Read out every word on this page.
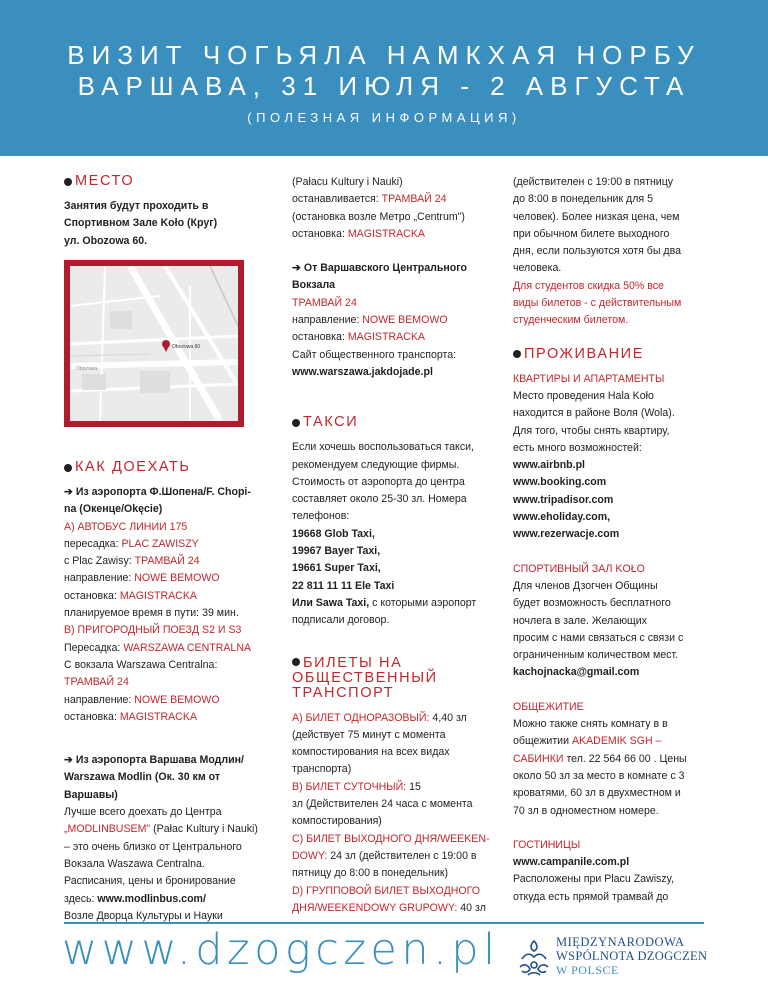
ВИЗИТ ЧОГЬЯЛА НАМКХАЯ НОРБУ
ВАРШАВА, 31 ИЮЛЯ - 2 АВГУСТА
(ПОЛЕЗНАЯ ИНФОРМАЦИЯ)
МЕСТО
Занятия будут проходить в
Спортивном Зале Koło (Круг)
ул. Obozowa 60.
Obozowa
Obozowa 60
КАК ДОЕХАТЬ
➔ Из аэропорта Ф.Шопена/F. Chopi-
na (Окенце/Okęcie)
А) АВТОБУС ЛИНИИ 175
пересадка: PLAC ZAWISZY
с Plac Zawisy: ТРАМВАЙ 24
направление: NOWE BEMOWO
остановка: MAGISTRACKA
планируемое время в пути: 39 мин.
B) ПРИГОРОДНЫЙ ПОЕЗД S2 И S3
Пересадка: WARSZAWA CENTRALNA
С вокзала Warszawa Centralna:
ТРАМВАЙ 24
направление: NOWE BEMOWO
остановка: MAGISTRACKA
➔ Из аэропорта Варшава Модлин/
Warszawa Modlin (Ок. 30 км от
Варшавы)
Лучше всего доехать до Центра
„MODLINBUSEM" (Pałac Kultury i Nauki)
– это очень близко от Центрального
Вокзала Waszawa Centralna.
Расписания, цены и бронирование
здесь: www.modlinbus.com/
Возле Дворца Культуры и Науки
(Pałacu Kultury i Nauki)
останавливается: ТРАМВАЙ 24
(остановка возле Метро „Centrum")
остановка: MAGISTRACKA
➔ От Варшавского Центрального
Вокзала
ТРАМВАЙ 24
направление: NOWE BEMOWO
остановка: MAGISTRACKA
Сайт общественного транспорта:
www.warszawa.jakdojade.pl
ТАКСИ
Если хочешь воспользоваться такси,
рекомендуем следующие фирмы.
Стоимость от аэропорта до центра
составляет около 25-30 зл. Номера
телефонов:
19668 Glob Taxi,
19967 Bayer Taxi,
19661 Super Taxi,
22 811 11 11 Ele Taxi
Или Sawa Taxi, с которыми аэропорт
подписали договор.
БИЛЕТЫ НА
ОБЩЕСТВЕННЫЙ
ТРАНСПОРТ
А) БИЛЕТ ОДНОРАЗОВЫЙ: 4,40 зл
(действует 75 минут с момента
компостирования на всех видах
транспорта)
B) БИЛЕТ СУТОЧНЫЙ: 15
зл (Действителен 24 часа с момента
компостирования)
C) БИЛЕТ ВЫХОДНОГО ДНЯ/WEEKEN-
DOWY: 24 зл (действителен с 19:00 в
пятницу до 8:00 в понедельник)
D) ГРУППОВОЙ БИЛЕТ ВЫХОДНОГО
ДНЯ/WEEKENDOWY GRUPOWY: 40 зл
(действителен с 19:00 в пятницу
до 8:00 в понедельник для 5
человек). Более низкая цена, чем
при обычном билете выходного
дня, если пользуются хотя бы два
человека.
Для студентов скидка 50% все
виды билетов - с действительным
студенческим билетом.
ПРОЖИВАНИЕ
КВАРТИРЫ И АПАРТАМЕНТЫ
Место проведения Hala Koło
находится в районе Воля (Wola).
Для того, чтобы снять квартиру,
есть много возможностей:
www.airbnb.pl
www.booking.com
www.tripadisor.com
www.eholiday.com,
www.rezerwacje.com
СПОРТИВНЫЙ ЗАЛ KOŁO
Для членов Дзогчен Общины
будет возможность бесплатного
ночлега в зале. Желающих
просим с нами связаться с связи с
ограниченным количеством мест.
kachojnacka@gmail.com
ОБЩЕЖИТИЕ
Можно также снять комнату в в
общежитии AKADEMIK SGH –
САБИНКИ тел. 22 564 66 00 . Цены
около 50 зл за место в комнате с 3
кроватями, 60 зл в двухместном и
70 зл в одноместном номере.
ГОСТИНИЦЫ
www.campanile.com.pl
Расположены при Placu Zawiszy,
откуда есть прямой трамвай до
www.dzogczen.pl	MIĘDZYNARODOWA
WSPÓLNOTA DZOGCZEN
W POLSCE
